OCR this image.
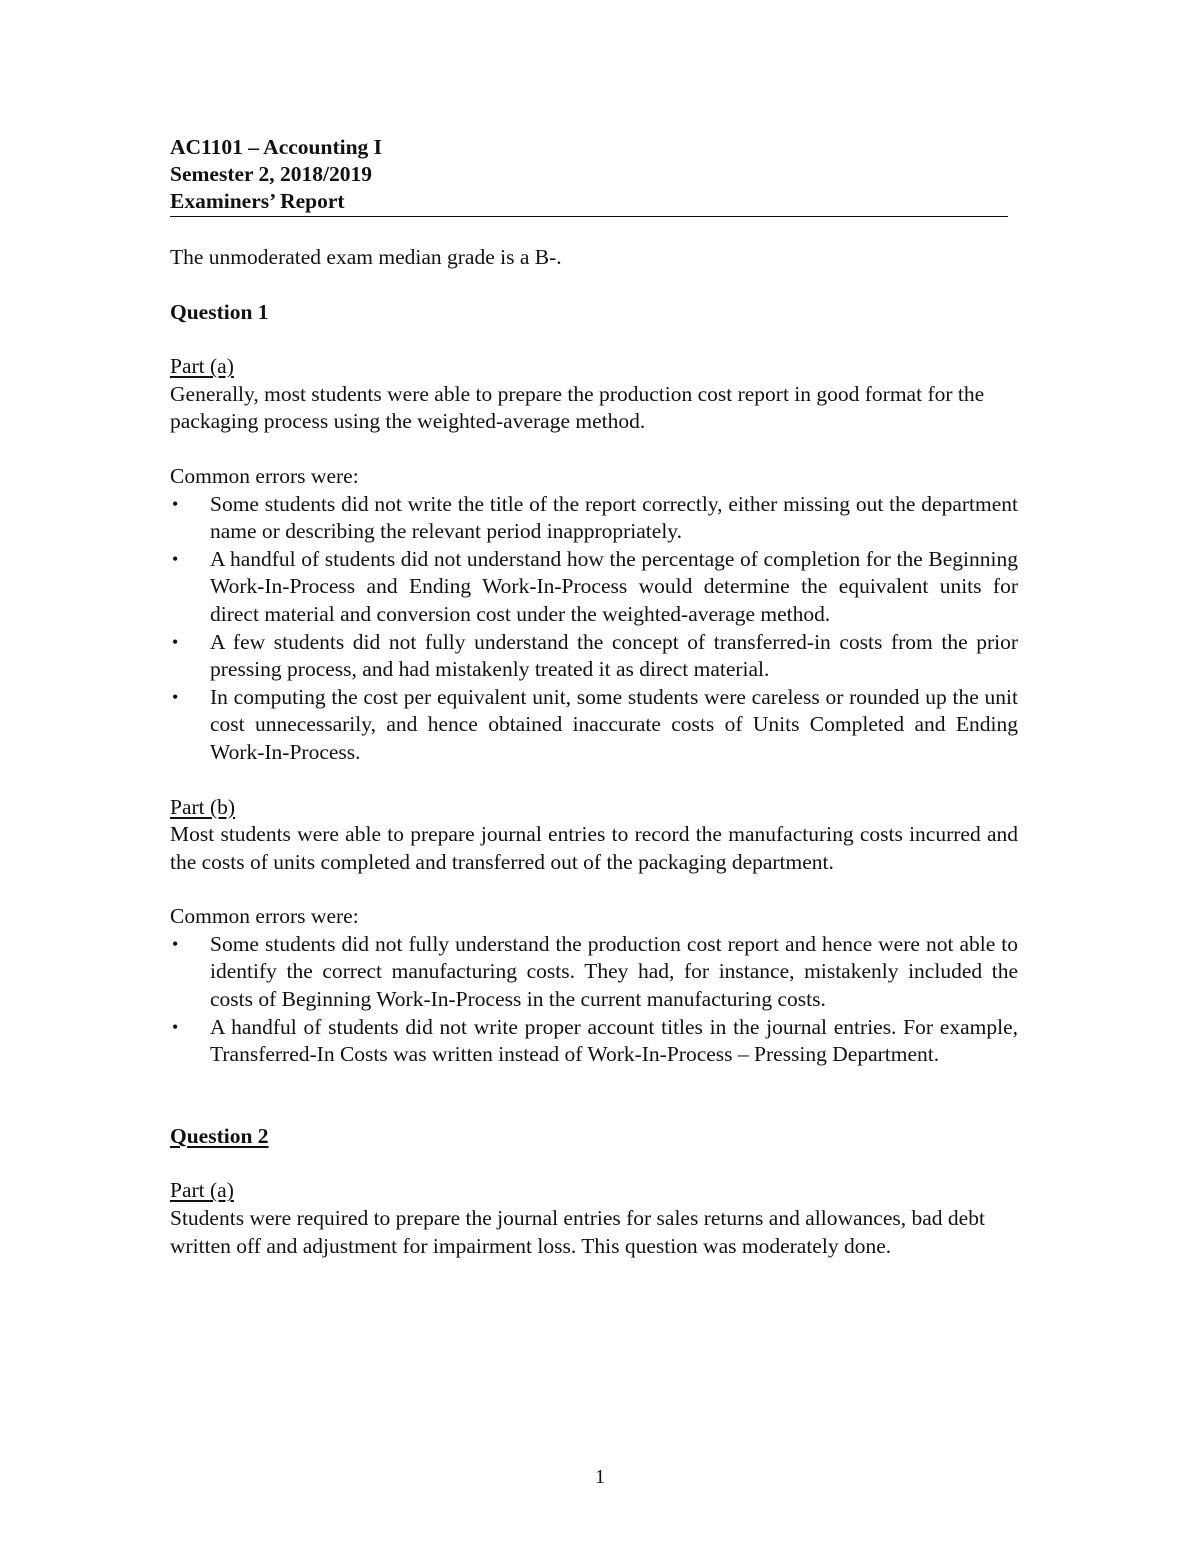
AC1101 – Accounting I
Semester 2, 2018/2019
Examiners’ Report

The unmoderated exam median grade is a B-.

Question 1

Part (a)

Generally, most students were able to prepare the production cost report in good format for the packaging process using the weighted-average method.

Common errors were:

• Some students did not write the title of the report correctly, either missing out the department name or describing the relevant period inappropriately.
• A handful of students did not understand how the percentage of completion for the Beginning Work-In-Process and Ending Work-In-Process would determine the equivalent units for direct material and conversion cost under the weighted-average method.
• A few students did not fully understand the concept of transferred-in costs from the prior pressing process, and had mistakenly treated it as direct material.
• In computing the cost per equivalent unit, some students were careless or rounded up the unit cost unnecessarily, and hence obtained inaccurate costs of Units Completed and Ending Work-In-Process.

Part (b)

Most students were able to prepare journal entries to record the manufacturing costs incurred and the costs of units completed and transferred out of the packaging department.

Common errors were:

• Some students did not fully understand the production cost report and hence were not able to identify the correct manufacturing costs. They had, for instance, mistakenly included the costs of Beginning Work-In-Process in the current manufacturing costs.
• A handful of students did not write proper account titles in the journal entries. For example, Transferred-In Costs was written instead of Work-In-Process – Pressing Department.

Question 2

Part (a)

Students were required to prepare the journal entries for sales returns and allowances, bad debt written off and adjustment for impairment loss. This question was moderately done.

1
